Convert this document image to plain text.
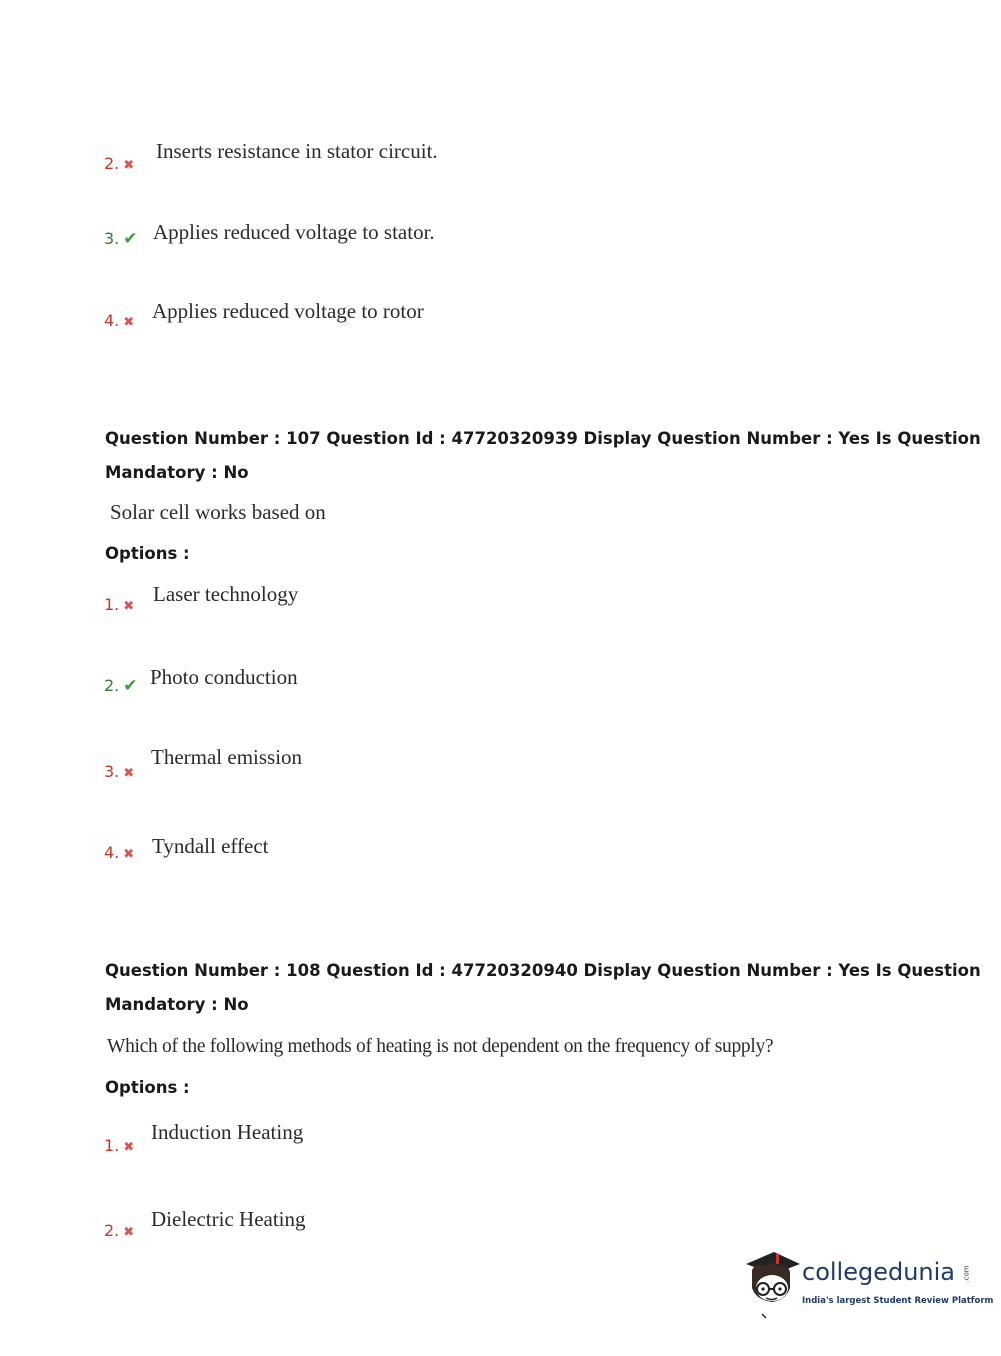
2. ✖
Inserts resistance in stator circuit.
3. ✔ Applies reduced voltage to stator.
4. ✖ Applies reduced voltage to rotor
Question Number : 107 Question Id : 47720320939 Display Question Number : Yes Is Question
Mandatory : No
Solar cell works based on
Options :
1. ✖ Laser technology
2. ✔ Photo conduction
3. ✖
Thermal emission
4. ✖ Tyndall effect
Question Number : 108 Question Id : 47720320940 Display Question Number : Yes Is Question
Mandatory : No
Which of the following methods of heating is not dependent on the frequency of supply?
Options :
1. ✖
Induction Heating
2. ✖
Dielectric Heating
collegedunia .com
India's largest Student Review Platform
